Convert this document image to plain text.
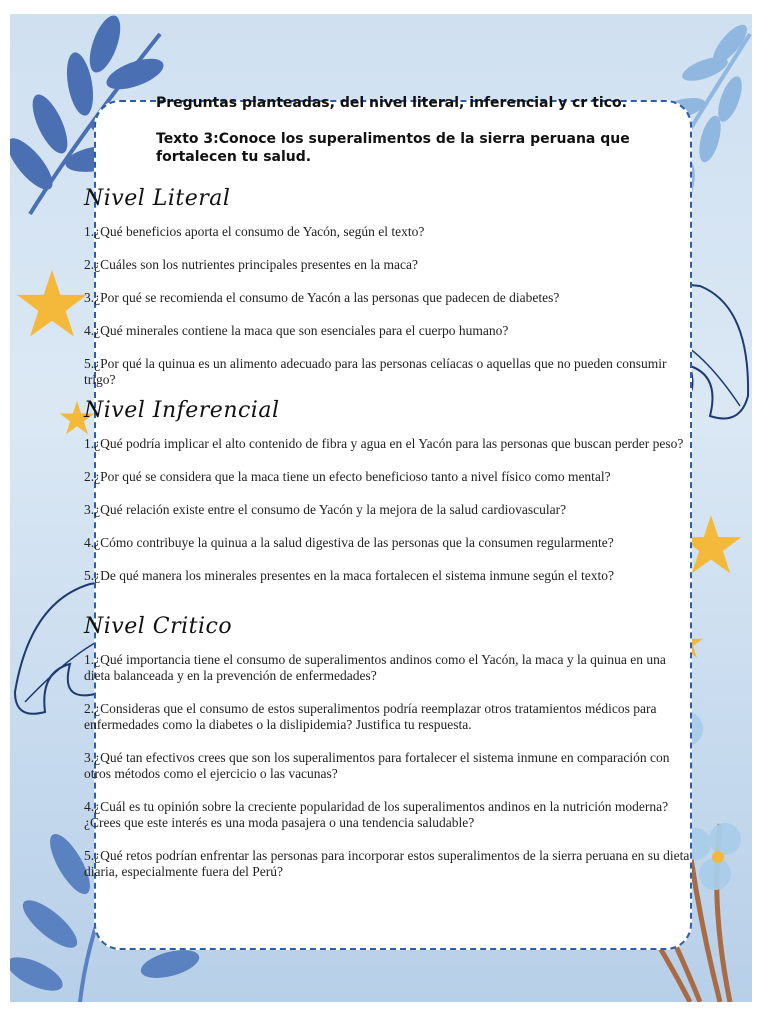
Preguntas planteadas, del nivel literal, inferencial y cr tico.

Texto 3:Conoce los superalimentos de la sierra peruana que fortalecen tu salud.

Nivel Literal
1.¿Qué beneficios aporta el consumo de Yacón, según el texto?
2.¿Cuáles son los nutrientes principales presentes en la maca?
3.¿Por qué se recomienda el consumo de Yacón a las personas que padecen de diabetes?
4.¿Qué minerales contiene la maca que son esenciales para el cuerpo humano?
5.¿Por qué la quinua es un alimento adecuado para las personas celíacas o aquellas que no pueden consumir trigo?
Nivel Inferencial
1.¿Qué podría implicar el alto contenido de fibra y agua en el Yacón para las personas que buscan perder peso?
2.¿Por qué se considera que la maca tiene un efecto beneficioso tanto a nivel físico como mental?
3.¿Qué relación existe entre el consumo de Yacón y la mejora de la salud cardiovascular?
4.¿Cómo contribuye la quinua a la salud digestiva de las personas que la consumen regularmente?
5.¿De qué manera los minerales presentes en la maca fortalecen el sistema inmune según el texto?
Nivel Critico
1.¿Qué importancia tiene el consumo de superalimentos andinos como el Yacón, la maca y la quinua en una dieta balanceada y en la prevención de enfermedades?
2.¿Consideras que el consumo de estos superalimentos podría reemplazar otros tratamientos médicos para enfermedades como la diabetes o la dislipidemia? Justifica tu respuesta.
3.¿Qué tan efectivos crees que son los superalimentos para fortalecer el sistema inmune en comparación con otros métodos como el ejercicio o las vacunas?
4.¿Cuál es tu opinión sobre la creciente popularidad de los superalimentos andinos en la nutrición moderna? ¿Crees que este interés es una moda pasajera o una tendencia saludable?
5.¿Qué retos podrían enfrentar las personas para incorporar estos superalimentos de la sierra peruana en su dieta diaria, especialmente fuera del Perú?
